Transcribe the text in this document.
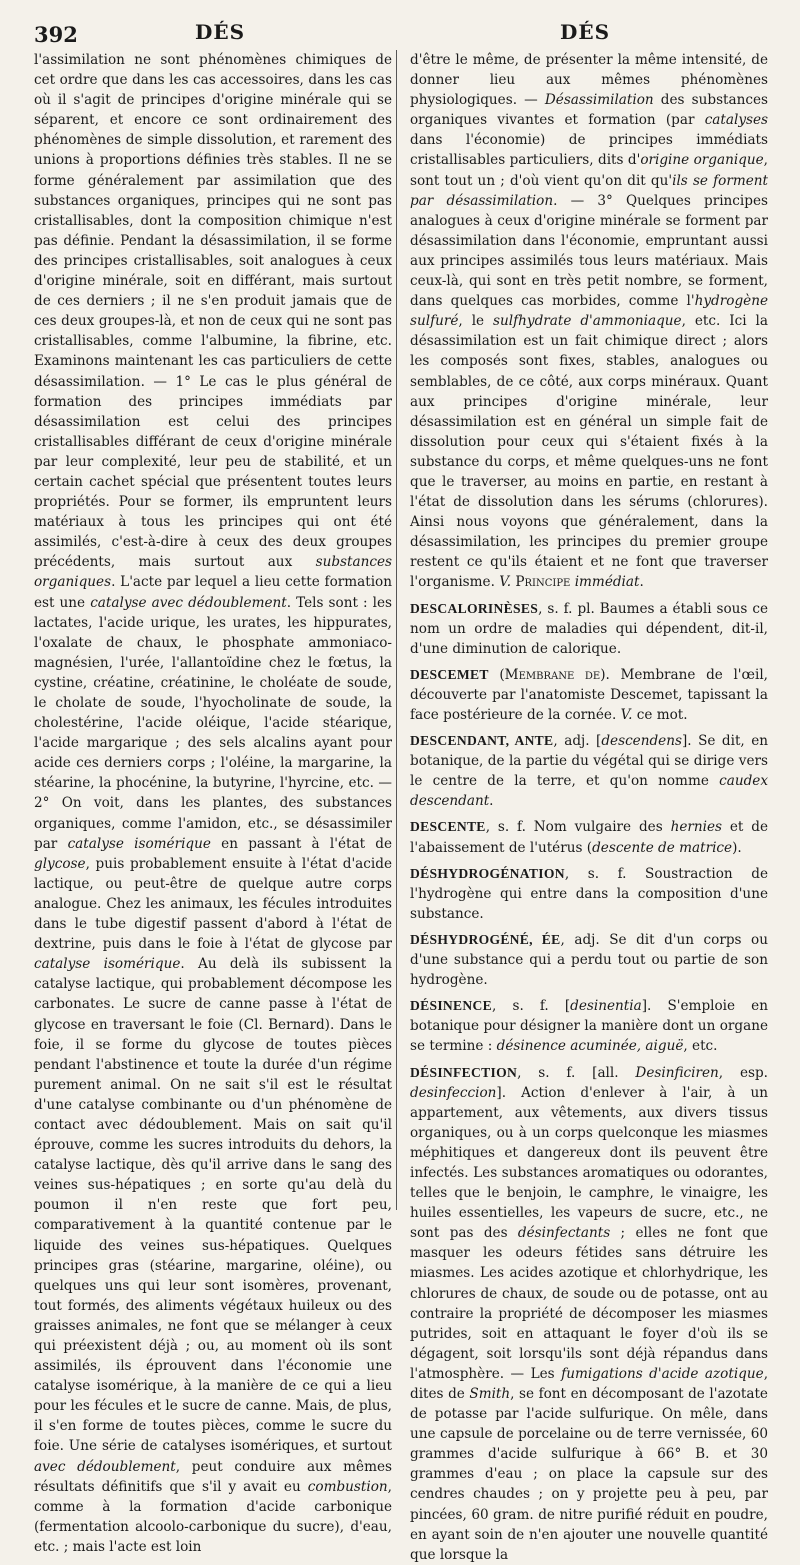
392	DÉS	DÉS

l'assimilation ne sont phénomènes chimiques de cet ordre que dans les cas accessoires, dans les cas où il s'agit de principes d'origine minérale qui se séparent, et encore ce sont ordinairement des phénomènes de simple dissolution, et rarement des unions à proportions définies très stables. Il ne se forme généralement par assimilation que des substances organiques, principes qui ne sont pas cristallisables, dont la composition chimique n'est pas définie. Pendant la désassimilation, il se forme des principes cristallisables, soit analogues à ceux d'origine minérale, soit en différant, mais surtout de ces derniers ; il ne s'en produit jamais que de ces deux groupes-là, et non de ceux qui ne sont pas cristallisables, comme l'albumine, la fibrine, etc. Examinons maintenant les cas particuliers de cette désassimilation. — 1° Le cas le plus général de formation des principes immédiats par désassimilation est celui des principes cristallisables différant de ceux d'origine minérale par leur complexité, leur peu de stabilité, et un certain cachet spécial que présentent toutes leurs propriétés. Pour se former, ils empruntent leurs matériaux à tous les principes qui ont été assimilés, c'est-à-dire à ceux des deux groupes précédents, mais surtout aux substances organiques. L'acte par lequel a lieu cette formation est une catalyse avec dédoublement. Tels sont : les lactates, l'acide urique, les urates, les hippurates, l'oxalate de chaux, le phosphate ammoniaco-magnésien, l'urée, l'allantoïdine chez le fœtus, la cystine, créatine, créatinine, le choléate de soude, le cholate de soude, l'hyocholinate de soude, la cholestérine, l'acide oléique, l'acide stéarique, l'acide margarique ; des sels alcalins ayant pour acide ces derniers corps ; l'oléine, la margarine, la stéarine, la phocénine, la butyrine, l'hyrcine, etc. — 2° On voit, dans les plantes, des substances organiques, comme l'amidon, etc., se désassimiler par catalyse isomérique en passant à l'état de glycose, puis probablement ensuite à l'état d'acide lactique, ou peut-être de quelque autre corps analogue. Chez les animaux, les fécules introduites dans le tube digestif passent d'abord à l'état de dextrine, puis dans le foie à l'état de glycose par catalyse isomérique. Au delà ils subissent la catalyse lactique, qui probablement décompose les carbonates. Le sucre de canne passe à l'état de glycose en traversant le foie (Cl. Bernard). Dans le foie, il se forme du glycose de toutes pièces pendant l'abstinence et toute la durée d'un régime purement animal. On ne sait s'il est le résultat d'une catalyse combinante ou d'un phénomène de contact avec dédoublement. Mais on sait qu'il éprouve, comme les sucres introduits du dehors, la catalyse lactique, dès qu'il arrive dans le sang des veines sus-hépatiques ; en sorte qu'au delà du poumon il n'en reste que fort peu, comparativement à la quantité contenue par le liquide des veines sus-hépatiques. Quelques principes gras (stéarine, margarine, oléine), ou quelques uns qui leur sont isomères, provenant, tout formés, des aliments végétaux huileux ou des graisses animales, ne font que se mélanger à ceux qui préexistent déjà ; ou, au moment où ils sont assimilés, ils éprouvent dans l'économie une catalyse isomérique, à la manière de ce qui a lieu pour les fécules et le sucre de canne. Mais, de plus, il s'en forme de toutes pièces, comme le sucre du foie. Une série de catalyses isomériques, et surtout avec dédoublement, peut conduire aux mêmes résultats définitifs que s'il y avait eu combustion, comme à la formation d'acide carbonique (fermentation alcoolo-carbonique du sucre), d'eau, etc. ; mais l'acte est loin

d'être le même, de présenter la même intensité, de donner lieu aux mêmes phénomènes physiologiques. — Désassimilation des substances organiques vivantes et formation (par catalyses dans l'économie) de principes immédiats cristallisables particuliers, dits d'origine organique, sont tout un ; d'où vient qu'on dit qu'ils se forment par désassimilation. — 3° Quelques principes analogues à ceux d'origine minérale se forment par désassimilation dans l'économie, empruntant aussi aux principes assimilés tous leurs matériaux. Mais ceux-là, qui sont en très petit nombre, se forment, dans quelques cas morbides, comme l'hydrogène sulfuré, le sulfhydrate d'ammoniaque, etc. Ici la désassimilation est un fait chimique direct ; alors les composés sont fixes, stables, analogues ou semblables, de ce côté, aux corps minéraux. Quant aux principes d'origine minérale, leur désassimilation est en général un simple fait de dissolution pour ceux qui s'étaient fixés à la substance du corps, et même quelques-uns ne font que le traverser, au moins en partie, en restant à l'état de dissolution dans les sérums (chlorures). Ainsi nous voyons que généralement, dans la désassimilation, les principes du premier groupe restent ce qu'ils étaient et ne font que traverser l'organisme. V. Principe immédiat.

DESCALORINÈSES, s. f. pl. Baumes a établi sous ce nom un ordre de maladies qui dépendent, dit-il, d'une diminution de calorique.

DESCEMET (Membrane de). Membrane de l'œil, découverte par l'anatomiste Descemet, tapissant la face postérieure de la cornée. V. ce mot.

DESCENDANT, ANTE, adj. [descendens]. Se dit, en botanique, de la partie du végétal qui se dirige vers le centre de la terre, et qu'on nomme caudex descendant.

DESCENTE, s. f. Nom vulgaire des hernies et de l'abaissement de l'utérus (descente de matrice).

DÉSHYDROGÉNATION, s. f. Soustraction de l'hydrogène qui entre dans la composition d'une substance.

DÉSHYDROGÉNÉ, ÉE, adj. Se dit d'un corps ou d'une substance qui a perdu tout ou partie de son hydrogène.

DÉSINENCE, s. f. [desinentia]. S'emploie en botanique pour désigner la manière dont un organe se termine : désinence acuminée, aiguë, etc.

DÉSINFECTION, s. f. [all. Desinficiren, esp. desinfeccion]. Action d'enlever à l'air, à un appartement, aux vêtements, aux divers tissus organiques, ou à un corps quelconque les miasmes méphitiques et dangereux dont ils peuvent être infectés. Les substances aromatiques ou odorantes, telles que le benjoin, le camphre, le vinaigre, les huiles essentielles, les vapeurs de sucre, etc., ne sont pas des désinfectants ; elles ne font que masquer les odeurs fétides sans détruire les miasmes. Les acides azotique et chlorhydrique, les chlorures de chaux, de soude ou de potasse, ont au contraire la propriété de décomposer les miasmes putrides, soit en attaquant le foyer d'où ils se dégagent, soit lorsqu'ils sont déjà répandus dans l'atmosphère. — Les fumigations d'acide azotique, dites de Smith, se font en décomposant de l'azotate de potasse par l'acide sulfurique. On mêle, dans une capsule de porcelaine ou de terre vernissée, 60 grammes d'acide sulfurique à 66° B. et 30 grammes d'eau ; on place la capsule sur des cendres chaudes ; on y projette peu à peu, par pincées, 60 gram. de nitre purifié réduit en poudre, en ayant soin de n'en ajouter une nouvelle quantité que lorsque la
